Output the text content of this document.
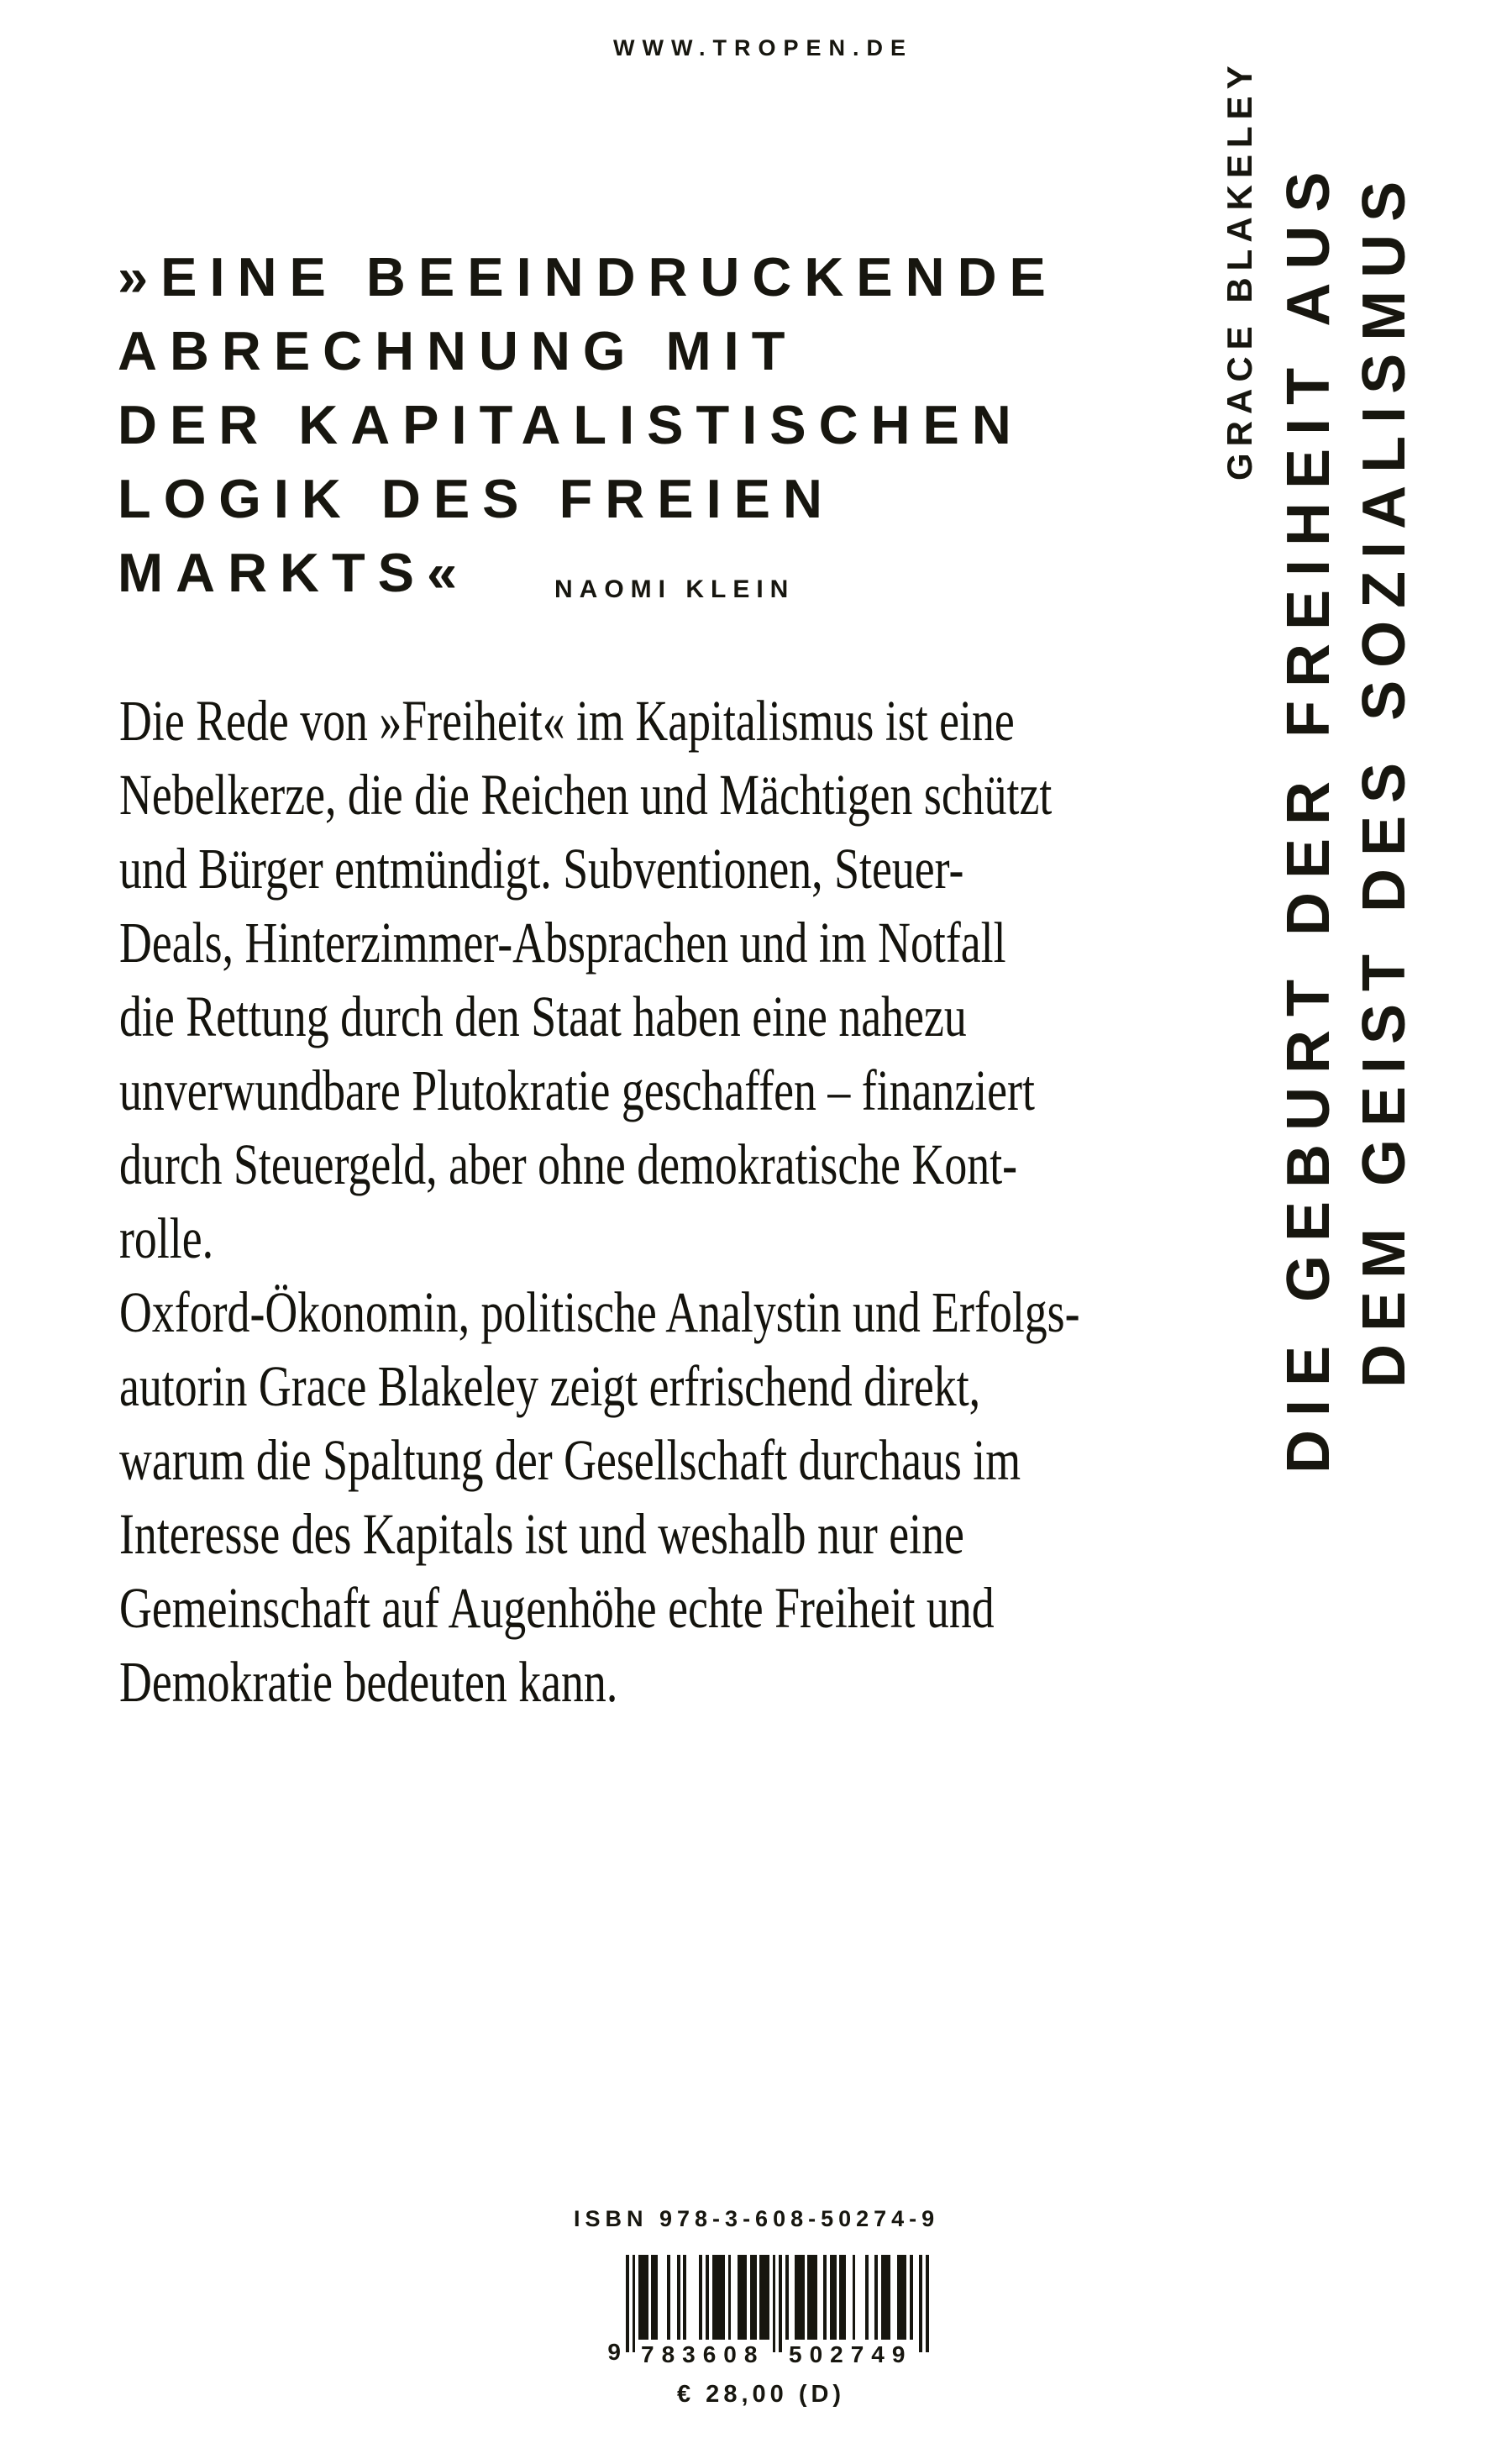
WWW.TROPEN.DE
»EINE BEEINDRUCKENDE
ABRECHNUNG MIT
DER KAPITALISTISCHEN
LOGIK DES FREIEN
MARKTS«	NAOMI KLEIN
Die Rede von »Freiheit« im Kapitalismus ist eine
Nebelkerze, die die Reichen und Mächtigen schützt
und Bürger entmündigt. Subventionen, Steuer-
Deals, Hinterzimmer-Absprachen und im Notfall
die Rettung durch den Staat haben eine nahezu
unverwundbare Plutokratie geschaffen – finanziert
durch Steuergeld, aber ohne demokratische Kont-
rolle.
Oxford-Ökonomin, politische Analystin und Erfolgs-
autorin Grace Blakeley zeigt erfrischend direkt,
warum die Spaltung der Gesellschaft durchaus im
Interesse des Kapitals ist und weshalb nur eine
Gemeinschaft auf Augenhöhe echte Freiheit und
Demokratie bedeuten kann.
GRACE BLAKELEY DIE GEBURT DER FREIHEIT AUS DEM GEIST DES SOZIALISMUS
ISBN 978-3-608-50274-9
9 783608 502749
€ 28,00 (D)
